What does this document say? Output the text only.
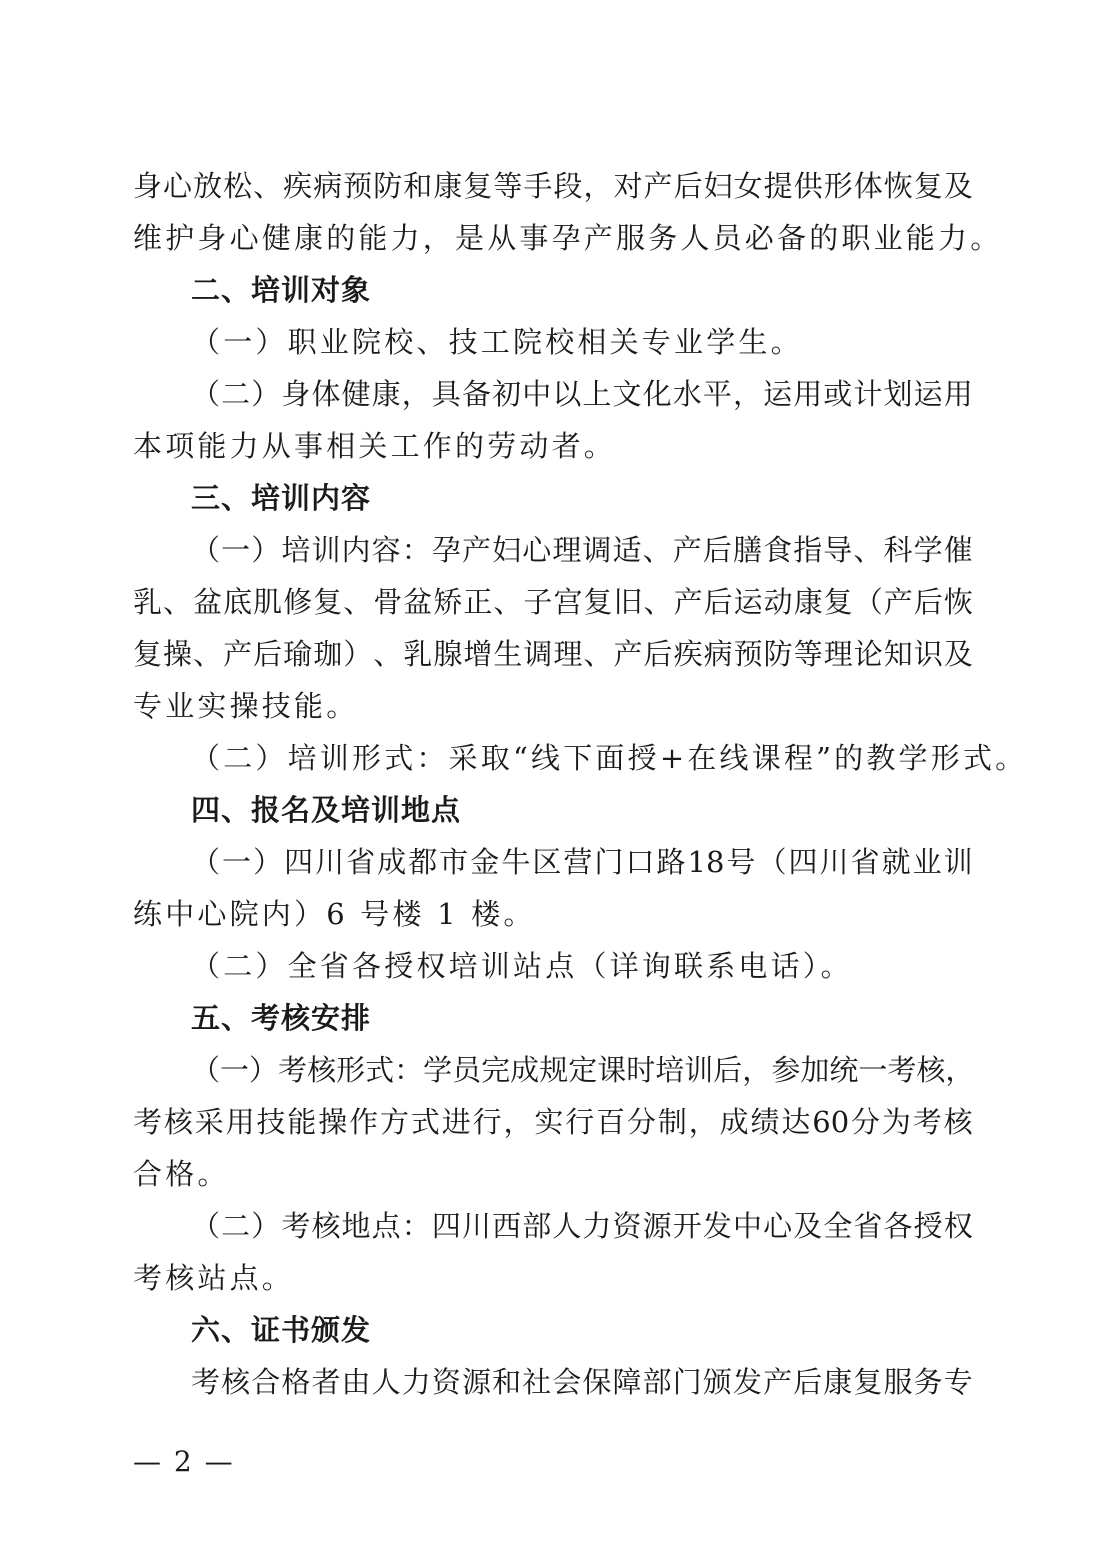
身 心 放 松 、 疾 病 预 防 和 康 复 等 手 段 ， 对 产 后 妇 女 提 供 形 体 恢 复 及
维护身心健康的能力，是从事孕产服务人员必备的职业能力。
二、培训对象
（一）职业院校、技工院校相关专业学生。
（ 二 ） 身 体 健 康 ， 具 备 初 中 以 上 文 化 水 平 ， 运 用 或 计 划 运 用
本项能力从事相关工作的劳动者。
三、培训内容
（ 一 ） 培 训 内 容 ： 孕 产 妇 心 理 调 适 、 产 后 膳 食 指 导 、 科 学 催
乳 、 盆 底 肌 修 复 、 骨 盆 矫 正 、 子 宫 复 旧 、 产 后 运 动 康 复 （ 产 后 恢
复 操 、 产 后 瑜 珈 ） 、 乳 腺 增 生 调 理 、 产 后 疾 病 预 防 等 理 论 知 识 及
专业实操技能。
（二）培训形式：采取“线下面授+在线课程”的教学形式。
四、报名及培训地点
（ 一 ） 四 川 省 成 都 市 金 牛 区 营 门 口 路 18 号 （ 四 川 省 就 业 训
练中心院内）6 号楼 1 楼。
（二）全省各授权培训站点（详询联系电话）。
五、考核安排
（ 一 ） 考 核 形 式 ： 学 员 完 成 规 定 课 时 培 训 后 ， 参 加 统 一 考 核 ，
考 核 采 用 技 能 操 作 方 式 进 行 ， 实 行 百 分 制 ， 成 绩 达 60 分 为 考 核
合格。
（ 二 ） 考 核 地 点 ： 四 川 西 部 人 力 资 源 开 发 中 心 及 全 省 各 授 权
考核站点。
六、证书颁发
考 核 合 格 者 由 人 力 资 源 和 社 会 保 障 部 门 颁 发 产 后 康 复 服 务 专
— 2 —
